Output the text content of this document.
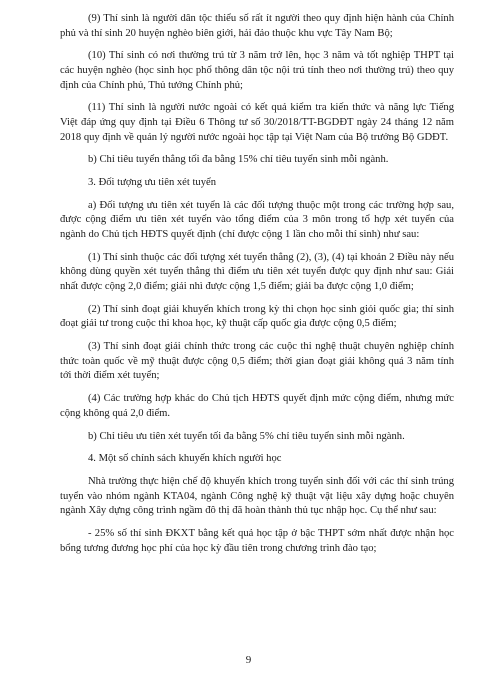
(9) Thí sinh là người dân tộc thiểu số rất ít người theo quy định hiện hành của Chính phủ và thí sinh 20 huyện nghèo biên giới, hải đảo thuộc khu vực Tây Nam Bộ;

(10) Thí sinh có nơi thường trú từ 3 năm trở lên, học 3 năm và tốt nghiệp THPT tại các huyện nghèo (học sinh học phổ thông dân tộc nội trú tính theo nơi thường trú) theo quy định của Chính phủ, Thủ tướng Chính phủ;

(11) Thí sinh là người nước ngoài có kết quả kiểm tra kiến thức và năng lực Tiếng Việt đáp ứng quy định tại Điều 6 Thông tư số 30/2018/TT-BGDĐT ngày 24 tháng 12 năm 2018 quy định về quản lý người nước ngoài học tập tại Việt Nam của Bộ trưởng Bộ GDĐT.

b) Chỉ tiêu tuyển thẳng tối đa bằng 15% chỉ tiêu tuyển sinh mỗi ngành.

3. Đối tượng ưu tiên xét tuyển

a) Đối tượng ưu tiên xét tuyển là các đối tượng thuộc một trong các trường hợp sau, được cộng điểm ưu tiên xét tuyển vào tổng điểm của 3 môn trong tổ hợp xét tuyển của ngành do Chủ tịch HĐTS quyết định (chỉ được cộng 1 lần cho mỗi thí sinh) như sau:

(1) Thí sinh thuộc các đối tượng xét tuyển thẳng (2), (3), (4) tại khoản 2 Điều này nếu không dùng quyền xét tuyển thẳng thì điểm ưu tiên xét tuyển được quy định như sau: Giải nhất được cộng 2,0 điểm; giải nhì được cộng 1,5 điểm; giải ba được cộng 1,0 điểm;

(2) Thí sinh đoạt giải khuyến khích trong kỳ thi chọn học sinh giỏi quốc gia; thí sinh đoạt giải tư trong cuộc thi khoa học, kỹ thuật cấp quốc gia được cộng 0,5 điểm;

(3) Thí sinh đoạt giải chính thức trong các cuộc thi nghệ thuật chuyên nghiệp chính thức toàn quốc về mỹ thuật được cộng 0,5 điểm; thời gian đoạt giải không quá 3 năm tính tới thời điểm xét tuyển;

(4) Các trường hợp khác do Chủ tịch HĐTS quyết định mức cộng điểm, nhưng mức cộng không quá 2,0 điểm.

b) Chỉ tiêu ưu tiên xét tuyển tối đa bằng 5% chỉ tiêu tuyển sinh mỗi ngành.

4. Một số chính sách khuyến khích người học

Nhà trường thực hiện chế độ khuyến khích trong tuyển sinh đối với các thí sinh trúng tuyển vào nhóm ngành KTA04, ngành Công nghệ kỹ thuật vật liệu xây dựng hoặc chuyên ngành Xây dựng công trình ngầm đô thị đã hoàn thành thủ tục nhập học. Cụ thể như sau:

- 25% số thí sinh ĐKXT bằng kết quả học tập ở bậc THPT sớm nhất được nhận học bổng tương đương học phí của học kỳ đầu tiên trong chương trình đào tạo;

9
